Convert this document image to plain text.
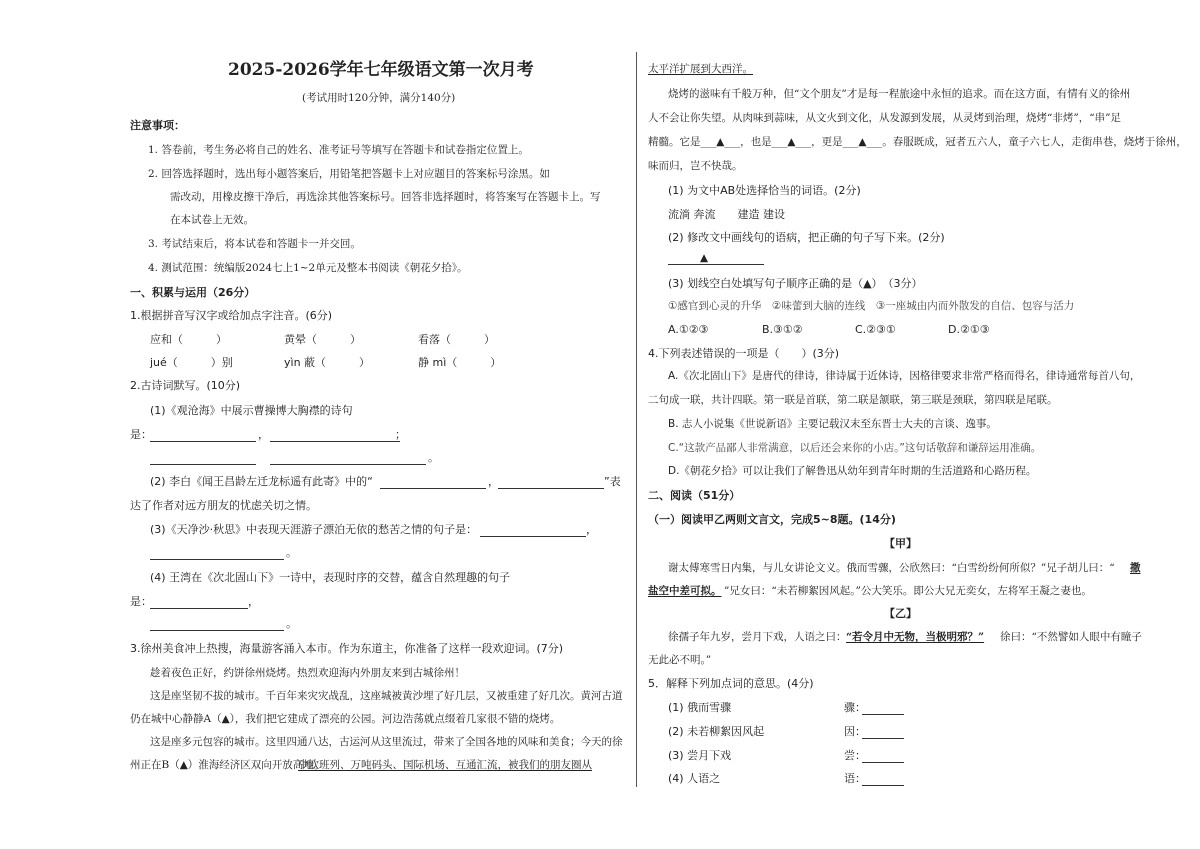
2025-2026学年七年级语文第一次月考
(考试用时120分钟，满分140分)
注意事项：
1. 答卷前，考生务必将自己的姓名、准考证号等填写在答题卡和试卷指定位置上。
2. 回答选择题时，选出每小题答案后，用铅笔把答题卡上对应题目的答案标号涂黑。如
需改动，用橡皮擦干净后，再选涂其他答案标号。回答非选择题时，将答案写在答题卡上。写
在本试卷上无效。
3. 考试结束后，将本试卷和答题卡一并交回。
4. 测试范围：统编版2024七上1~2单元及整本书阅读《朝花夕拾》。
一、积累与运用（26分）
1.根据拼音写汉字或给加点字注音。(6分)
应和（　　　）	黄晕（　　　）	看落（　　　）
jué（　　　）别	yìn 蔽（　　　）	静 mì（　　　）
2.古诗词默写。(10分)
(1)《观沧海》中展示曹操博大胸襟的诗句
是：	，	；
。
(2) 李白《闻王昌龄左迁龙标遥有此寄》中的“	，	”表
达了作者对远方朋友的忧虑关切之情。
(3)《天净沙·秋思》中表现天涯游子漂泊无依的愁苦之情的句子是：	，
。
(4) 王湾在《次北固山下》一诗中，表现时序的交替，蕴含自然理趣的句子
是：	，
。
3.徐州美食冲上热搜，海量游客涌入本市。作为东道主，你准备了这样一段欢迎词。(7分)
趁着夜色正好，约饼徐州烧烤。热烈欢迎海内外朋友来到古城徐州！
这是座坚韧不拔的城市。千百年来灾灾战乱，这座城被黄沙埋了好几层，又被重建了好几次。黄河古道
仍在城中心静静A（▲），我们把它建成了漂亮的公园。河边浩荡就点缀着几家很不错的烧烤。
这是座多元包容的城市。这里四通八达，古运河从这里流过，带来了全国各地的风味和美食；今天的徐
州正在B（▲）淮海经济区双向开放高地。
中欧班列、万吨码头、国际机场、互通汇流，被我们的朋友圈从
太平洋扩展到大西洋。
烧烤的滋味有千般万种，但“文个朋友”才是每一程旅途中永恒的追求。而在这方面，有情有义的徐州
人不会让你失望。从肉味到蒜味，从文火到文化，从发源到发展，从灵烤到治理，烧烤“非烤”，“串”足
精髓。它是___▲___，也是___▲___，更是___▲___。春服既成，冠者五六人，童子六七人，走街串巷，烧烤于徐州，
味而归，岂不快哉。
(1) 为文中AB处选择恰当的词语。(2分)
流淌 奔流　　建造 建设
(2) 修改文中画线句的语病，把正确的句子写下来。(2分)
▲
(3) 划线空白处填写句子顺序正确的是（▲）　（3分）
①感官到心灵的升华　②味蕾到大脑的连线　③一座城由内而外散发的自信、包容与活力
A.①②③	B.③①②	C.②③①	D.②①③
4.下列表述错误的一项是（　　）(3分)
A.《次北固山下》是唐代的律诗，律诗属于近体诗，因格律要求非常严格而得名，律诗通常每首八句，
二句成一联，共计四联。第一联是首联，第二联是颔联，第三联是颈联，第四联是尾联。
B. 志人小说集《世说新语》主要记载汉末至东晋士大夫的言谈、逸事。
C.“这款产品鄙人非常满意，以后还会来你的小店。”这句话敬辞和谦辞运用准确。
D.《朝花夕拾》可以让我们了解鲁迅从幼年到青年时期的生活道路和心路历程。
二、阅读（51分）
（一）阅读甲乙两则文言文，完成5~8题。(14分)
【甲】
谢太傅寒雪日内集，与儿女讲论文义。俄而雪骤，公欣然曰：“白雪纷纷何所似？”兄子胡儿曰：“ 撒
盐空中差可拟。 ”兄女曰：“未若柳絮因风起。”公大笑乐。即公大兄无奕女，左将军王凝之妻也。
【乙】
徐孺子年九岁，尝月下戏，人语之曰： “若令月中无物，当极明邪？” 徐曰：“不然譬如人眼中有瞳子
无此必不明。”
5．解释下列加点词的意思。(4分)
(1) 俄而雪骤	骤：
(2) 未若柳絮因风起	因：
(3) 尝月下戏	尝：
(4) 人语之	语：
